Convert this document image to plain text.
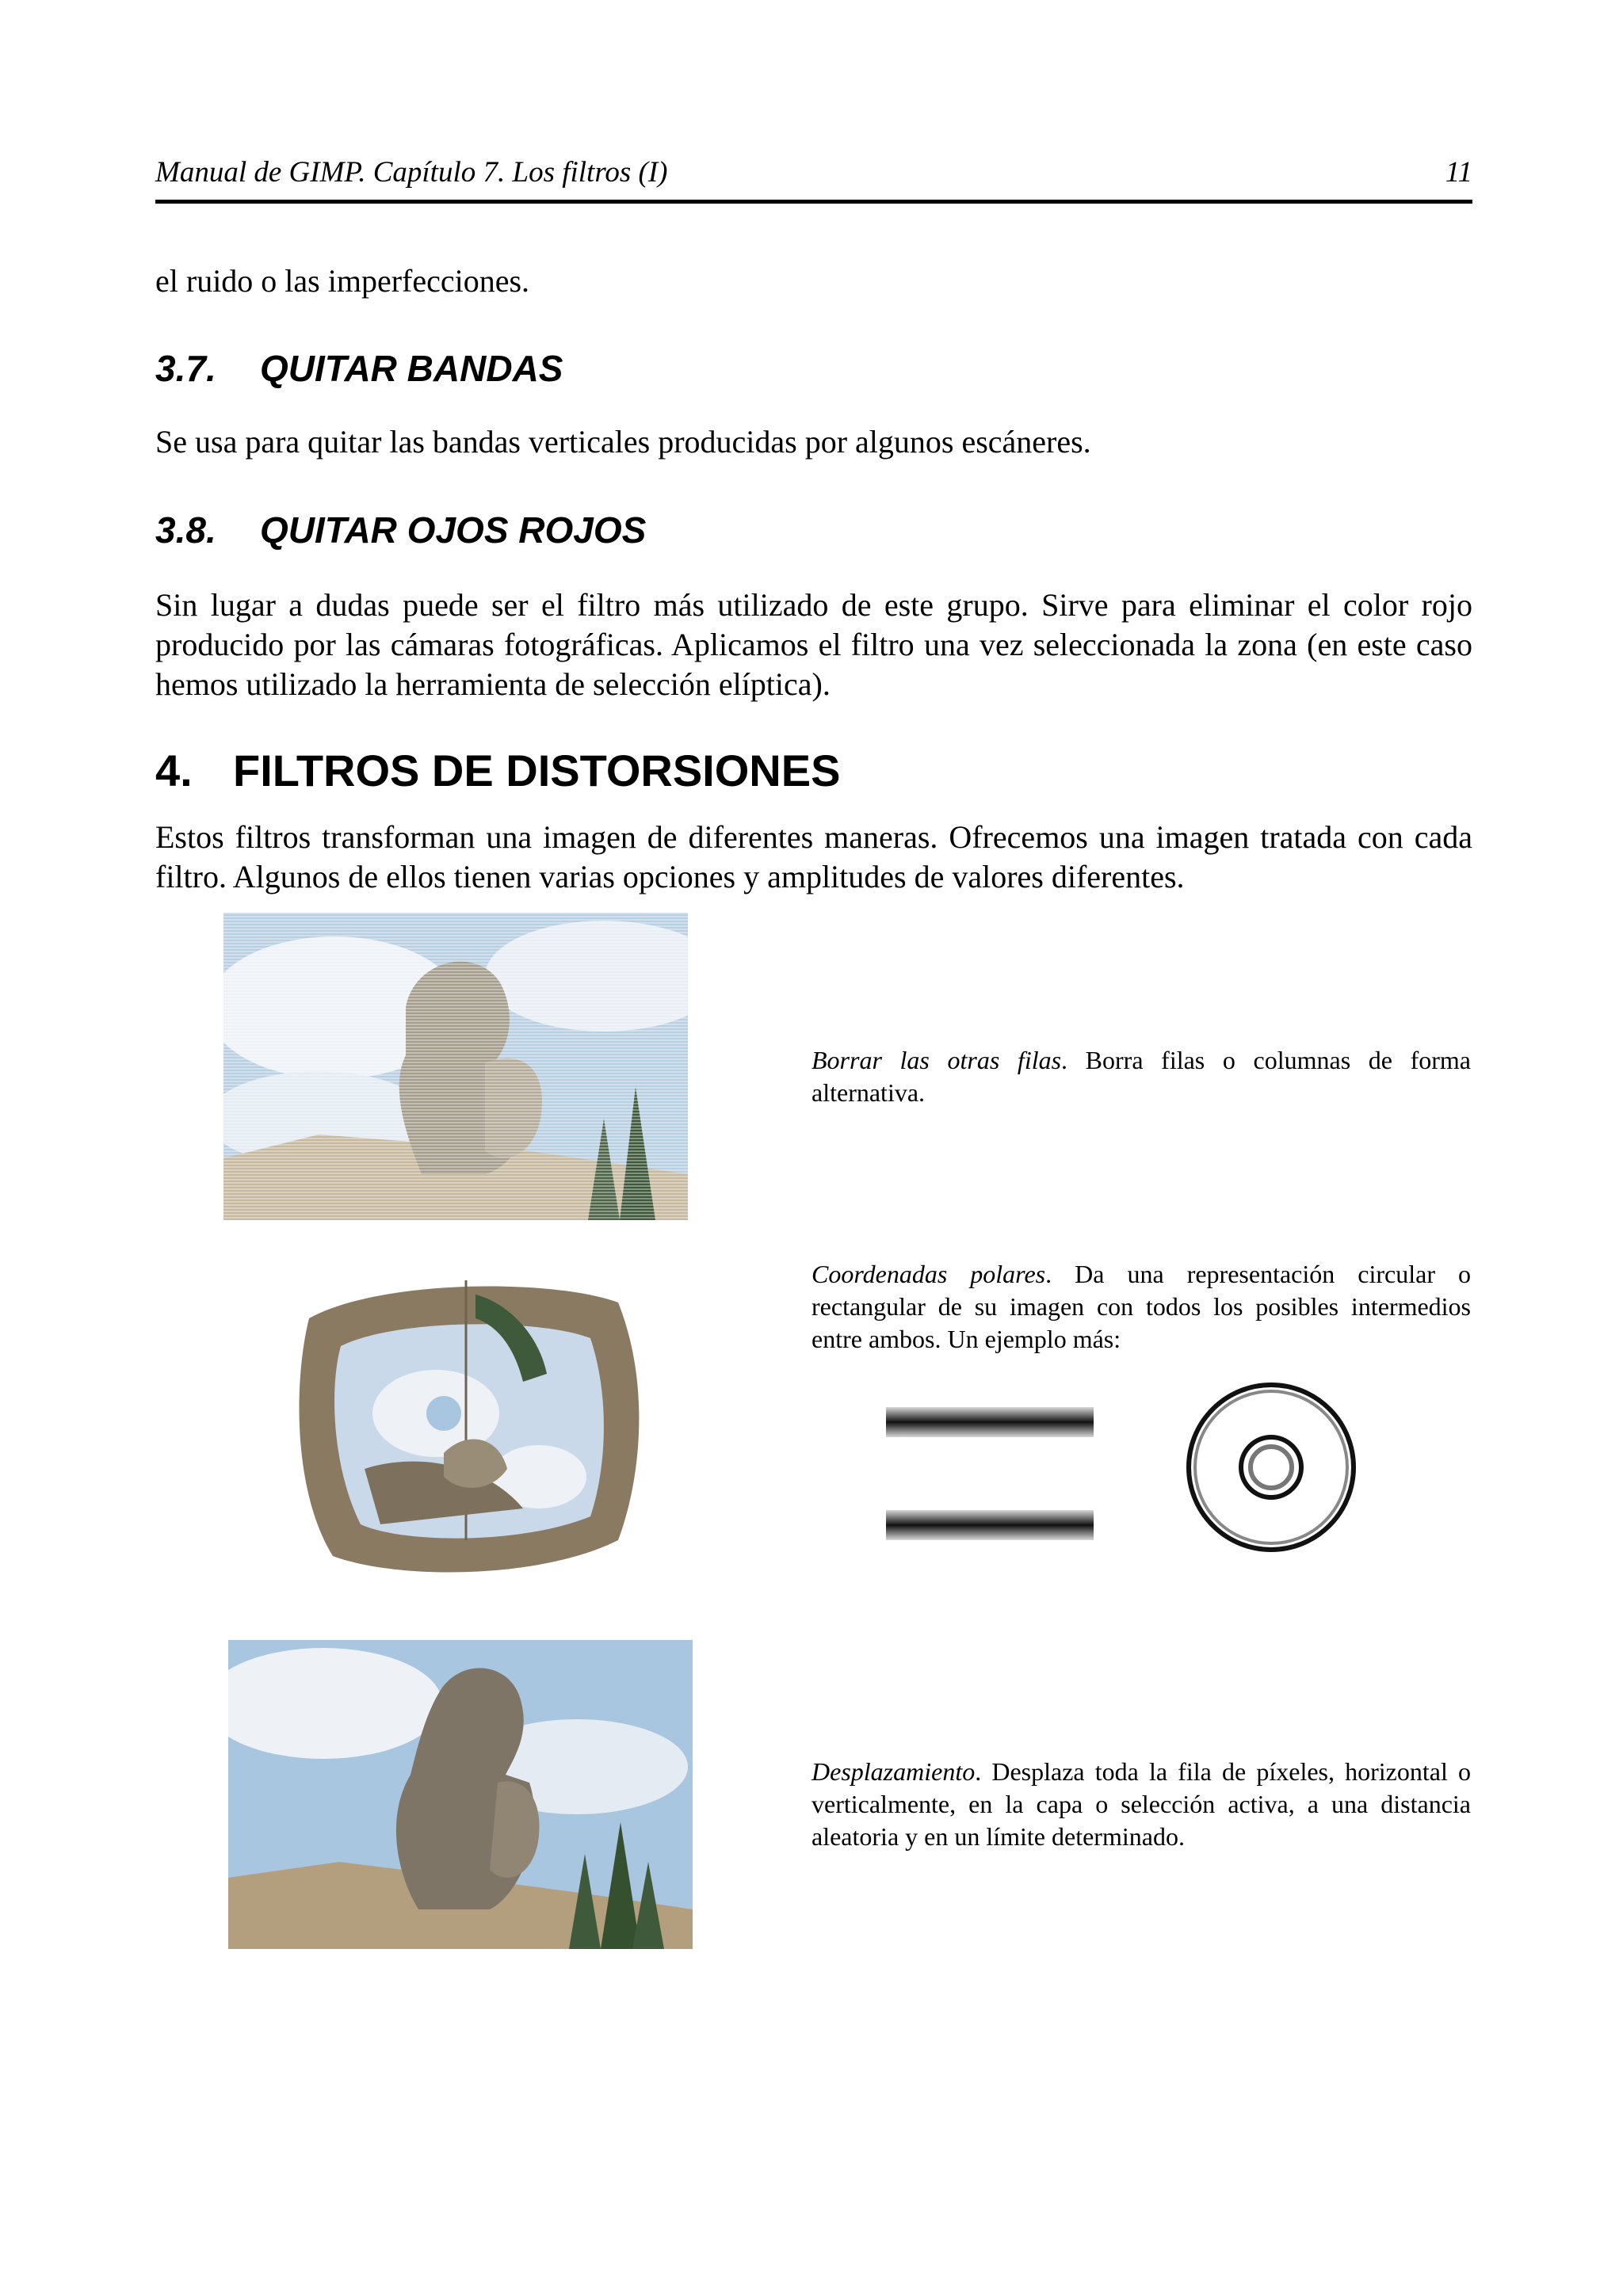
Manual de GIMP. Capítulo 7. Los filtros (I)	11

el ruido o las imperfecciones.

3.7. QUITAR BANDAS

Se usa para quitar las bandas verticales producidas por algunos escáneres.

3.8. QUITAR OJOS ROJOS

Sin lugar a dudas puede ser el filtro más utilizado de este grupo. Sirve para eliminar el color rojo producido por las cámaras fotográficas. Aplicamos el filtro una vez seleccionada la zona (en este caso hemos utilizado la herramienta de selección elíptica).

4. FILTROS DE DISTORSIONES

Estos filtros transforman una imagen de diferentes maneras. Ofrecemos una imagen tratada con cada filtro. Algunos de ellos tienen varias opciones y amplitudes de valores diferentes.

Borrar las otras filas. Borra filas o columnas de forma alternativa.

Coordenadas polares. Da una representación circular o rectangular de su imagen con todos los posibles intermedios entre ambos. Un ejemplo más:

Desplazamiento. Desplaza toda la fila de píxeles, horizontal o verticalmente, en la capa o selección activa, a una distancia aleatoria y en un límite determinado.
